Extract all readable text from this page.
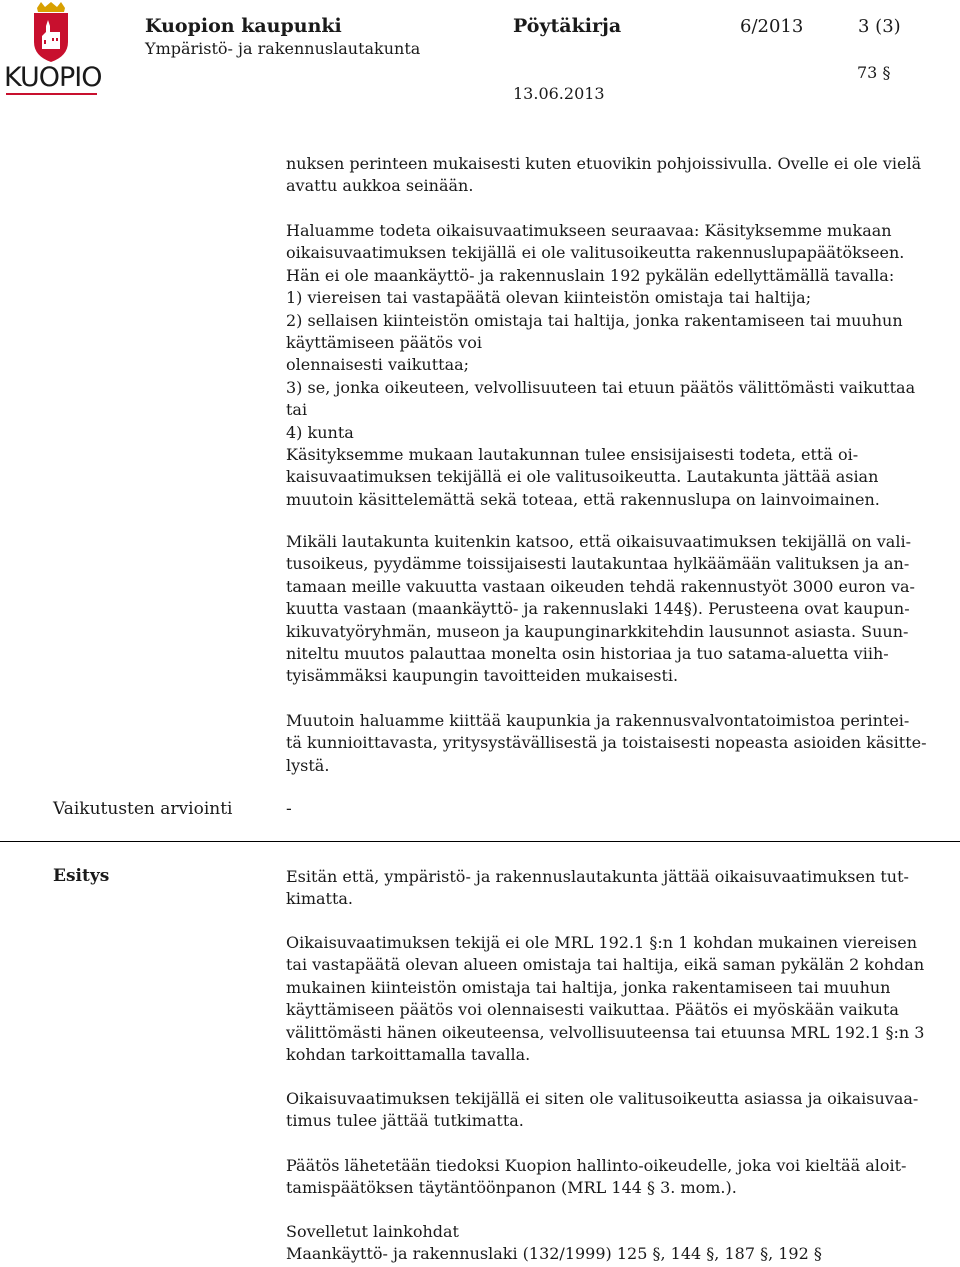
KUOPIO
Kuopion kaupunki
Ympäristö- ja rakennuslautakunta
Pöytäkirja	6/2013	3 (3)
73 §
13.06.2013
nuksen perinteen mukaisesti kuten etuovikin pohjoissivulla. Ovelle ei ole vielä
avattu aukkoa seinään.
Haluamme todeta oikaisuvaatimukseen seuraavaa: Käsityksemme mukaan
oikaisuvaatimuksen tekijällä ei ole valitusoikeutta rakennuslupapäätökseen.
Hän ei ole maankäyttö- ja rakennuslain 192 pykälän edellyttämällä tavalla:
1) viereisen tai vastapäätä olevan kiinteistön omistaja tai haltija;
2) sellaisen kiinteistön omistaja tai haltija, jonka rakentamiseen tai muuhun
käyttämiseen päätös voi
olennaisesti vaikuttaa;
3) se, jonka oikeuteen, velvollisuuteen tai etuun päätös välittömästi vaikuttaa
tai
4) kunta
Käsityksemme mukaan lautakunnan tulee ensisijaisesti todeta, että oi-
kaisuvaatimuksen tekijällä ei ole valitusoikeutta. Lautakunta jättää asian
muutoin käsittelemättä sekä toteaa, että rakennuslupa on lainvoimainen.
Mikäli lautakunta kuitenkin katsoo, että oikaisuvaatimuksen tekijällä on vali-
tusoikeus, pyydämme toissijaisesti lautakuntaa hylkäämään valituksen ja an-
tamaan meille vakuutta vastaan oikeuden tehdä rakennustyöt 3000 euron va-
kuutta vastaan (maankäyttö- ja rakennuslaki 144§). Perusteena ovat kaupun-
kikuvatyöryhmän, museon ja kaupunginarkkitehdin lausunnot asiasta. Suun-
niteltu muutos palauttaa monelta osin historiaa ja tuo satama-aluetta viih-
tyisämmäksi kaupungin tavoitteiden mukaisesti.
Muutoin haluamme kiittää kaupunkia ja rakennusvalvontatoimistoa perintei-
tä kunnioittavasta, yritysystävällisestä ja toistaisesti nopeasta asioiden käsitte-
lystä.
Vaikutusten arviointi	-
Esitys	Esitän että, ympäristö- ja rakennuslautakunta jättää oikaisuvaatimuksen tut-
kimatta.
Oikaisuvaatimuksen tekijä ei ole MRL 192.1 §:n 1 kohdan mukainen viereisen
tai vastapäätä olevan alueen omistaja tai haltija, eikä saman pykälän 2 kohdan
mukainen kiinteistön omistaja tai haltija, jonka rakentamiseen tai muuhun
käyttämiseen päätös voi olennaisesti vaikuttaa. Päätös ei myöskään vaikuta
välittömästi hänen oikeuteensa, velvollisuuteensa tai etuunsa MRL 192.1 §:n 3
kohdan tarkoittamalla tavalla.
Oikaisuvaatimuksen tekijällä ei siten ole valitusoikeutta asiassa ja oikaisuvaa-
timus tulee jättää tutkimatta.
Päätös lähetetään tiedoksi Kuopion hallinto-oikeudelle, joka voi kieltää aloit-
tamispäätöksen täytäntöönpanon (MRL 144 § 3. mom.).
Sovelletut lainkohdat
Maankäyttö- ja rakennuslaki (132/1999) 125 §, 144 §, 187 §, 192 §
